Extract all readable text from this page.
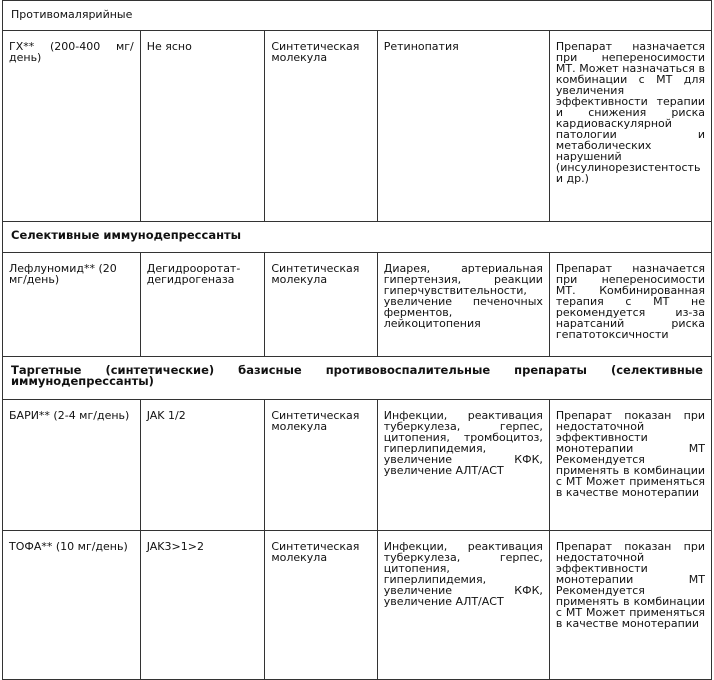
Противомалярийные				
ГХ** (200-400 мг/день)	Не ясно	Синтетическая молекула	Ретинопатия	Препарат назначается при непереносимости МТ. Может назначаться в комбинации с МТ для увеличения эффективности терапии и снижения риска кардиоваскулярной патологии и метаболических нарушений (инсулинорезистентость и др.)
Селективные иммунодепрессанты				
Лефлуномид** (20 мг/день)	Дегидрооротат-дегидрогеназа	Синтетическая молекула	Диарея, артериальная гипертензия, реакции гиперчувствительности, увеличение печеночных ферментов, лейкоцитопения	Препарат назначается при непереносимости МТ. Комбинированная терапия с МТ не рекомендуется из-за наратсаний риска гепатотоксичности
Таргетные (синтетические) базисные противовоспалительные препараты (селективные иммунодепрессанты)				
БАРИ** (2-4 мг/день)	JAK 1/2	Синтетическая молекула	Инфекции, реактивация туберкулеза, герпес, цитопения, тромбоцитоз, гиперлипидемия, увеличение КФК, увеличение АЛТ/АСТ	Препарат показан при недостаточной эффективности монотерапии МТ Рекомендуется применять в комбинации с МТ Может применяться в качестве монотерапии
ТОФА** (10 мг/день)	JAK3>1>2	Синтетическая молекула	Инфекции, реактивация туберкулеза, герпес, цитопения, гиперлипидемия, увеличение КФК, увеличение АЛТ/АСТ	Препарат показан при недостаточной эффективности монотерапии МТ Рекомендуется применять в комбинации с МТ Может применяться в качестве монотерапии
